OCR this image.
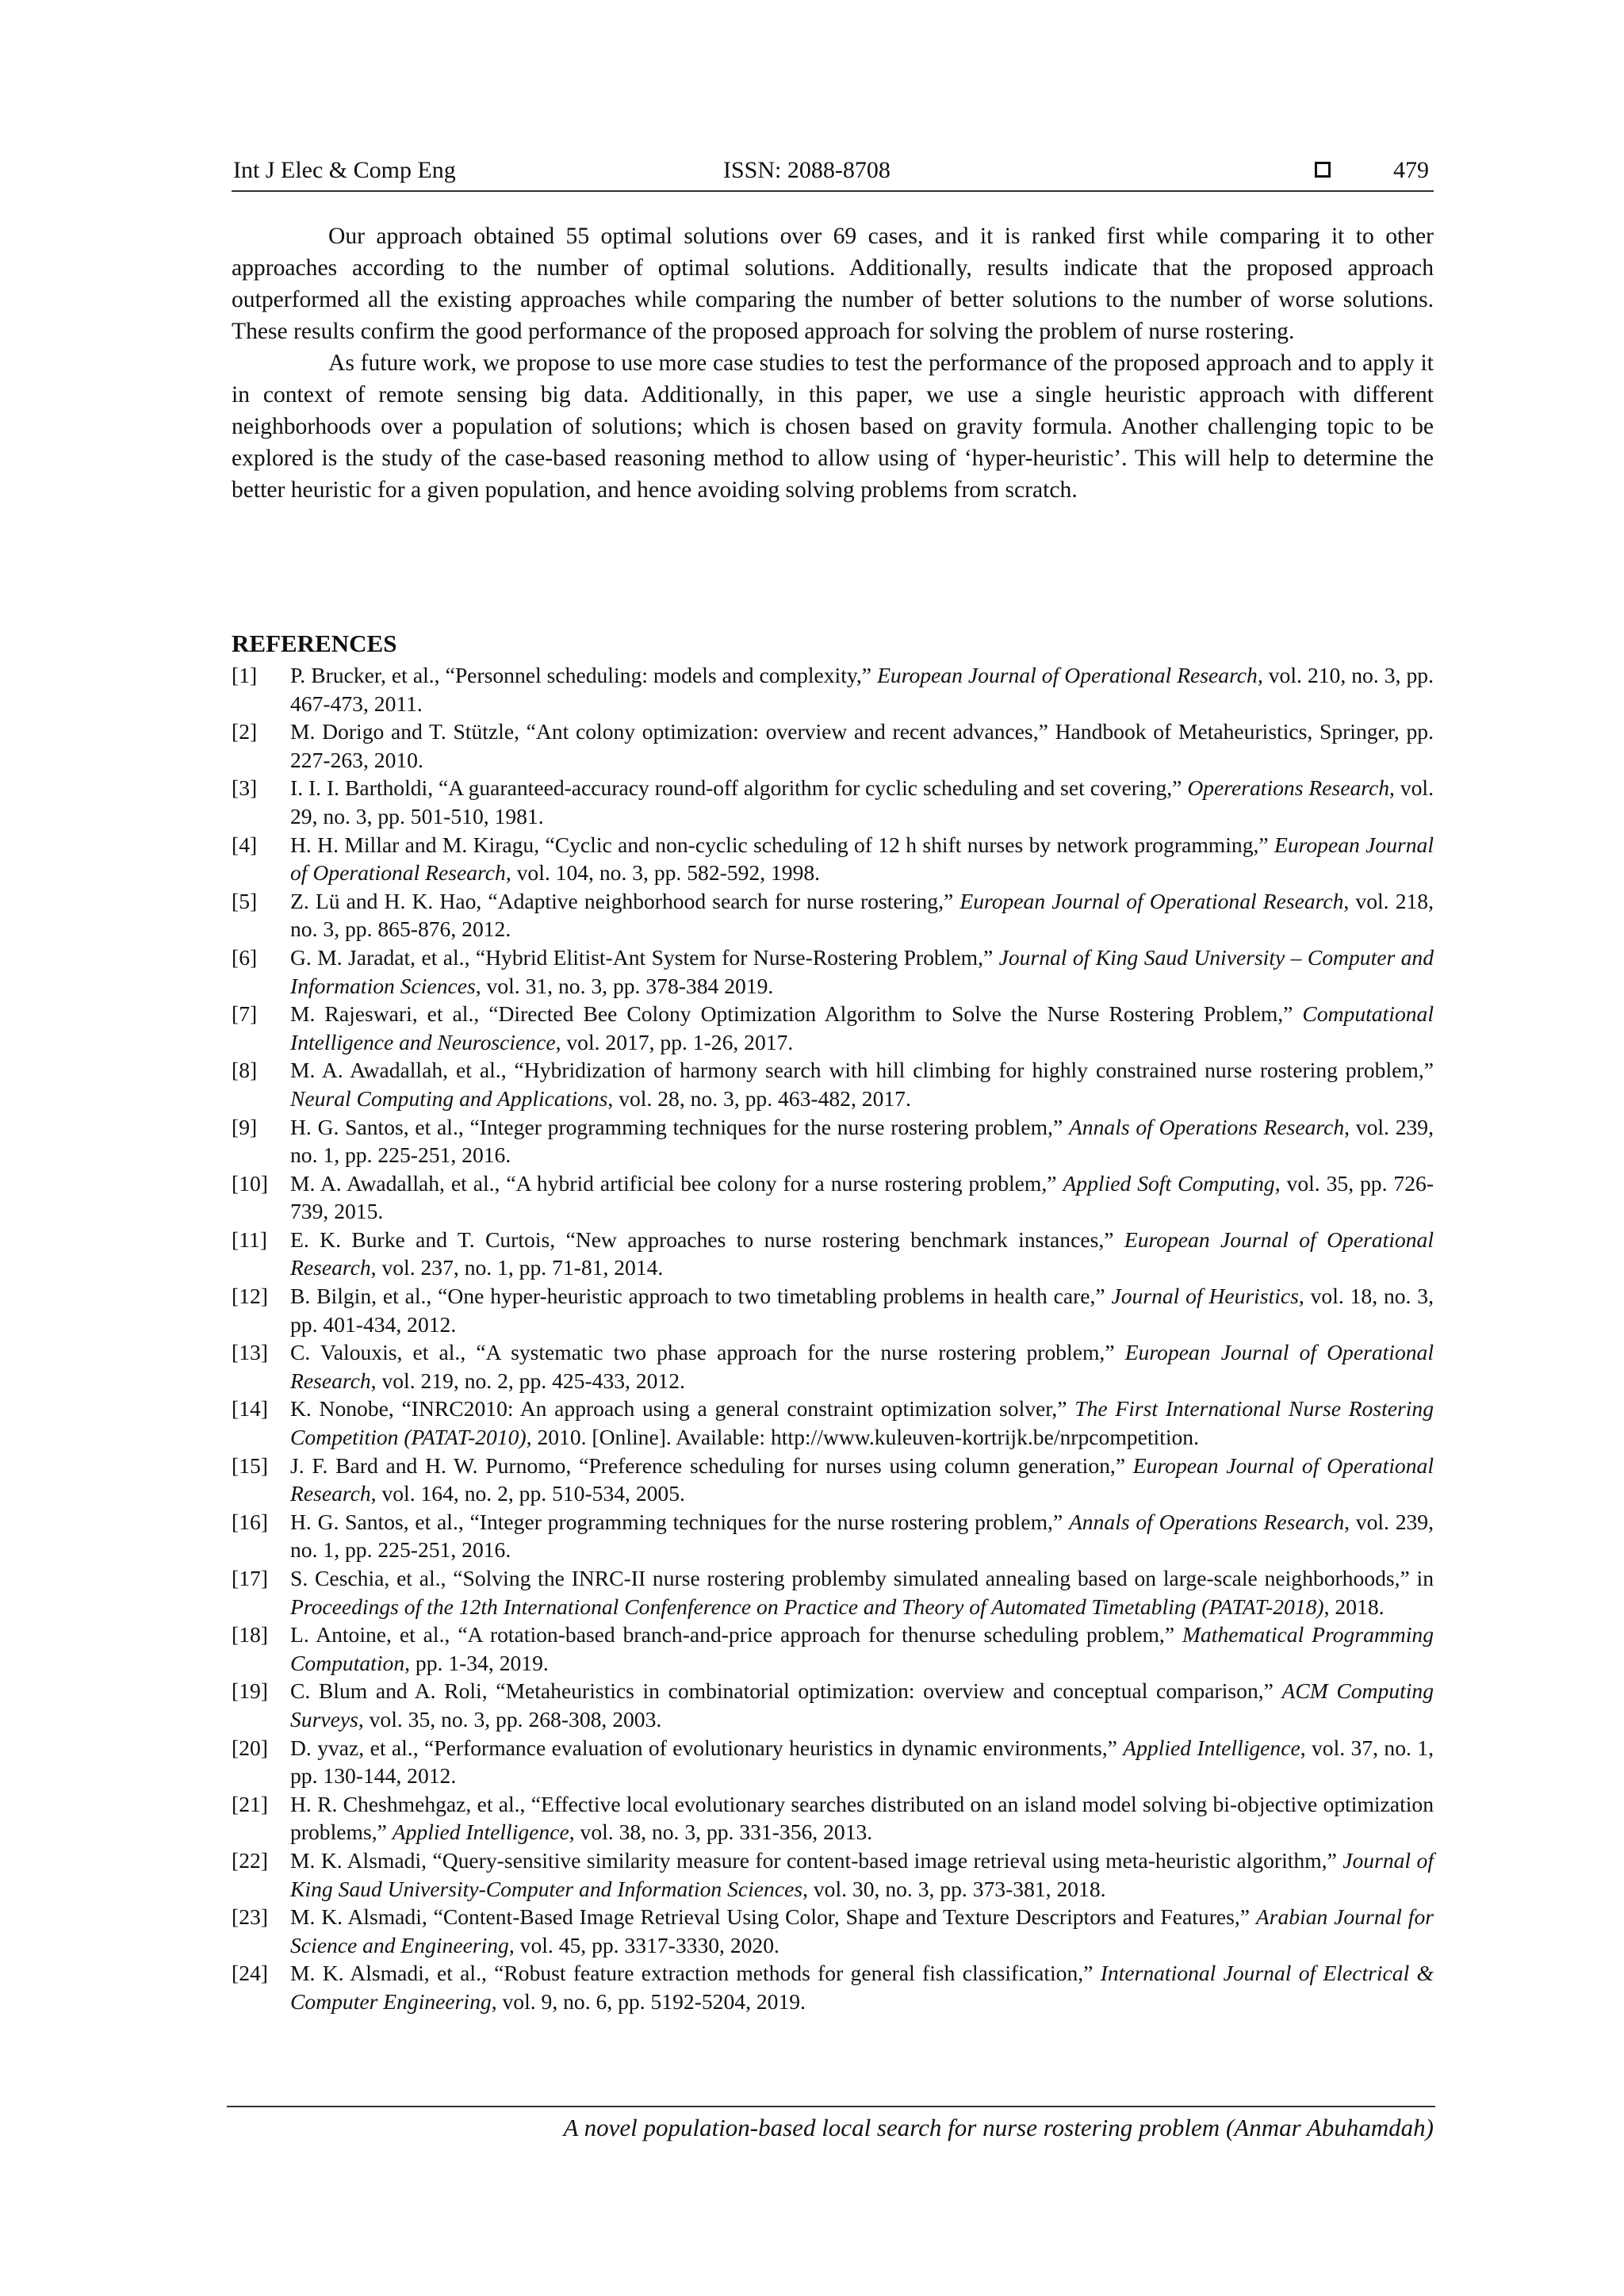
Int J Elec & Comp Eng	ISSN: 2088-8708	479

Our approach obtained 55 optimal solutions over 69 cases, and it is ranked first while comparing it to other approaches according to the number of optimal solutions. Additionally, results indicate that the proposed approach outperformed all the existing approaches while comparing the number of better solutions to the number of worse solutions. These results confirm the good performance of the proposed approach for solving the problem of nurse rostering.

As future work, we propose to use more case studies to test the performance of the proposed approach and to apply it in context of remote sensing big data. Additionally, in this paper, we use a single heuristic approach with different neighborhoods over a population of solutions; which is chosen based on gravity formula. Another challenging topic to be explored is the study of the case-based reasoning method to allow using of ‘hyper-heuristic’. This will help to determine the better heuristic for a given population, and hence avoiding solving problems from scratch.

REFERENCES
[1] P. Brucker, et al., “Personnel scheduling: models and complexity,” European Journal of Operational Research, vol. 210, no. 3, pp. 467-473, 2011.
[2] M. Dorigo and T. Stützle, “Ant colony optimization: overview and recent advances,” Handbook of Metaheuristics, Springer, pp. 227-263, 2010.
[3] I. I. I. Bartholdi, “A guaranteed-accuracy round-off algorithm for cyclic scheduling and set covering,” Opererations Research, vol. 29, no. 3, pp. 501-510, 1981.
[4] H. H. Millar and M. Kiragu, “Cyclic and non-cyclic scheduling of 12 h shift nurses by network programming,” European Journal of Operational Research, vol. 104, no. 3, pp. 582-592, 1998.
[5] Z. Lü and H. K. Hao, “Adaptive neighborhood search for nurse rostering,” European Journal of Operational Research, vol. 218, no. 3, pp. 865-876, 2012.
[6] G. M. Jaradat, et al., “Hybrid Elitist-Ant System for Nurse-Rostering Problem,” Journal of King Saud University – Computer and Information Sciences, vol. 31, no. 3, pp. 378-384 2019.
[7] M. Rajeswari, et al., “Directed Bee Colony Optimization Algorithm to Solve the Nurse Rostering Problem,” Computational Intelligence and Neuroscience, vol. 2017, pp. 1-26, 2017.
[8] M. A. Awadallah, et al., “Hybridization of harmony search with hill climbing for highly constrained nurse rostering problem,” Neural Computing and Applications, vol. 28, no. 3, pp. 463-482, 2017.
[9] H. G. Santos, et al., “Integer programming techniques for the nurse rostering problem,” Annals of Operations Research, vol. 239, no. 1, pp. 225-251, 2016.
[10] M. A. Awadallah, et al., “A hybrid artificial bee colony for a nurse rostering problem,” Applied Soft Computing, vol. 35, pp. 726-739, 2015.
[11] E. K. Burke and T. Curtois, “New approaches to nurse rostering benchmark instances,” European Journal of Operational Research, vol. 237, no. 1, pp. 71-81, 2014.
[12] B. Bilgin, et al., “One hyper-heuristic approach to two timetabling problems in health care,” Journal of Heuristics, vol. 18, no. 3, pp. 401-434, 2012.
[13] C. Valouxis, et al., “A systematic two phase approach for the nurse rostering problem,” European Journal of Operational Research, vol. 219, no. 2, pp. 425-433, 2012.
[14] K. Nonobe, “INRC2010: An approach using a general constraint optimization solver,” The First International Nurse Rostering Competition (PATAT-2010), 2010. [Online]. Available: http://www.kuleuven-kortrijk.be/nrpcompetition.
[15] J. F. Bard and H. W. Purnomo, “Preference scheduling for nurses using column generation,” European Journal of Operational Research, vol. 164, no. 2, pp. 510-534, 2005.
[16] H. G. Santos, et al., “Integer programming techniques for the nurse rostering problem,” Annals of Operations Research, vol. 239, no. 1, pp. 225-251, 2016.
[17] S. Ceschia, et al., “Solving the INRC-II nurse rostering problemby simulated annealing based on large-scale neighborhoods,” in Proceedings of the 12th International Confenference on Practice and Theory of Automated Timetabling (PATAT-2018), 2018.
[18] L. Antoine, et al., “A rotation-based branch-and-price approach for thenurse scheduling problem,” Mathematical Programming Computation, pp. 1-34, 2019.
[19] C. Blum and A. Roli, “Metaheuristics in combinatorial optimization: overview and conceptual comparison,” ACM Computing Surveys, vol. 35, no. 3, pp. 268-308, 2003.
[20] D. yvaz, et al., “Performance evaluation of evolutionary heuristics in dynamic environments,” Applied Intelligence, vol. 37, no. 1, pp. 130-144, 2012.
[21] H. R. Cheshmehgaz, et al., “Effective local evolutionary searches distributed on an island model solving bi-objective optimization problems,” Applied Intelligence, vol. 38, no. 3, pp. 331-356, 2013.
[22] M. K. Alsmadi, “Query-sensitive similarity measure for content-based image retrieval using meta-heuristic algorithm,” Journal of King Saud University-Computer and Information Sciences, vol. 30, no. 3, pp. 373-381, 2018.
[23] M. K. Alsmadi, “Content-Based Image Retrieval Using Color, Shape and Texture Descriptors and Features,” Arabian Journal for Science and Engineering, vol. 45, pp. 3317-3330, 2020.
[24] M. K. Alsmadi, et al., “Robust feature extraction methods for general fish classification,” International Journal of Electrical & Computer Engineering, vol. 9, no. 6, pp. 5192-5204, 2019.
A novel population-based local search for nurse rostering problem (Anmar Abuhamdah)
